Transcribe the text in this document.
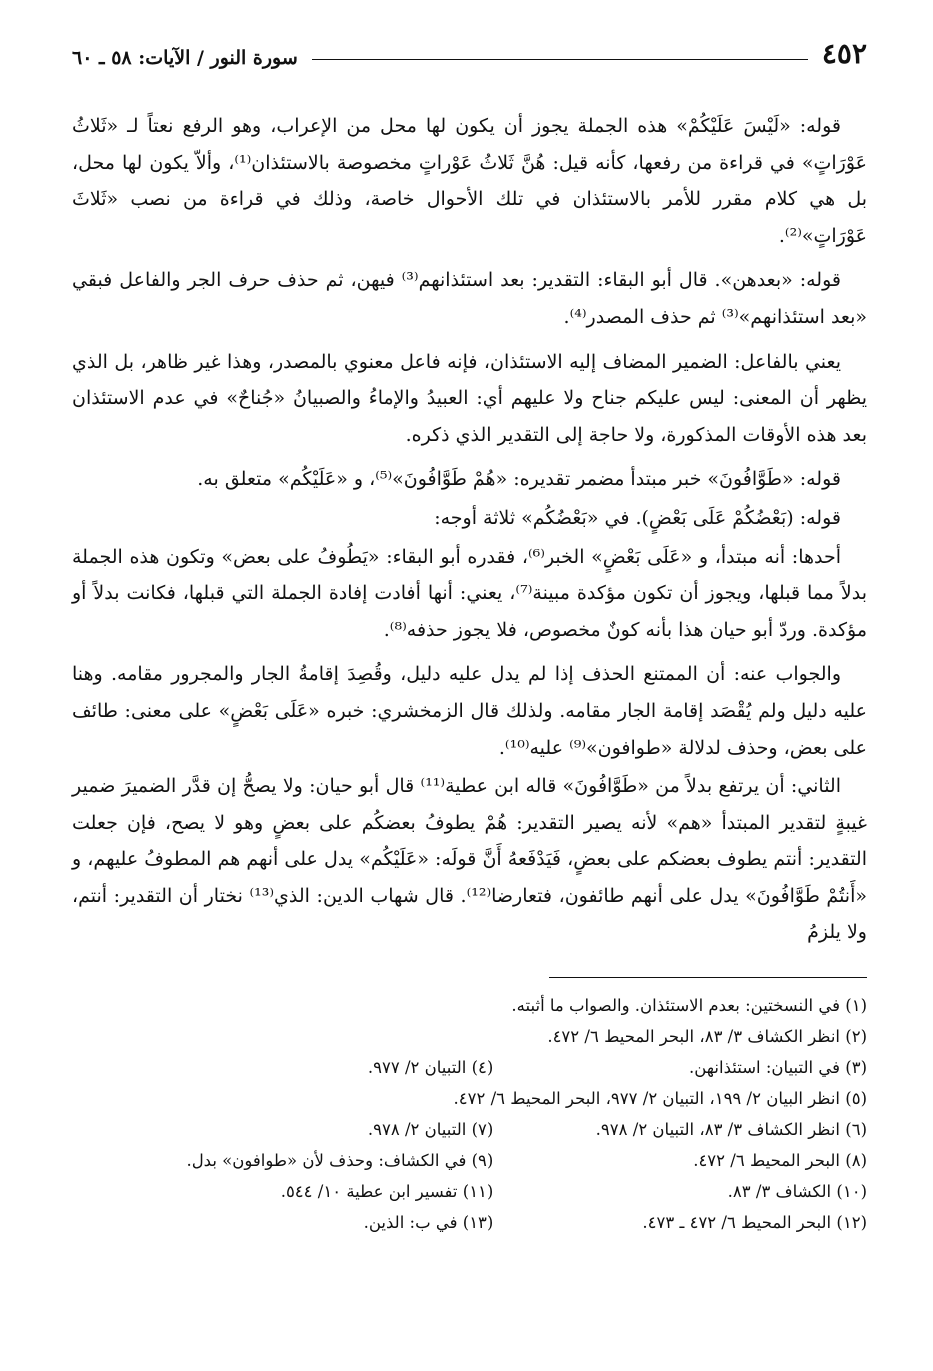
٤٥٢
سورة النور / الآيات: ٥٨ ـ ٦٠

قوله: «لَيْسَ عَلَيْكُمْ» هذه الجملة يجوز أن يكون لها محل من الإعراب، وهو الرفع نعتاً لـ «ثَلاثُ عَوْرَاتٍ» في قراءة من رفعها، كأنه قيل: هُنَّ ثَلاثُ عَوْراتٍ مخصوصة بالاستئذان⁽¹⁾، وألاّ يكون لها محل، بل هي كلام مقرر للأمر بالاستئذان في تلك الأحوال خاصة، وذلك في قراءة من نصب «ثَلاثَ عَوْرَاتٍ»⁽²⁾.

قوله: «بعدهن». قال أبو البقاء: التقدير: بعد استئذانهم⁽³⁾ فيهن، ثم حذف حرف الجر والفاعل فبقي «بعد استئذانهم»⁽³⁾ ثم حذف المصدر⁽⁴⁾.

يعني بالفاعل: الضمير المضاف إليه الاستئذان، فإنه فاعل معنوي بالمصدر، وهذا غير ظاهر، بل الذي يظهر أن المعنى: ليس عليكم جناح ولا عليهم أي: العبيدُ والإماءُ والصبيانُ «جُناحٌ» في عدم الاستئذان بعد هذه الأوقات المذكورة، ولا حاجة إلى التقدير الذي ذكره.

قوله: «طَوَّافُونَ» خبر مبتدأ مضمر تقديره: «هُمْ طَوَّافُونَ»⁽⁵⁾، و «عَلَيْكُم» متعلق به.

قوله: (بَعْضُكُمْ عَلَى بَعْضٍ). في «بَعْضُكُم» ثلاثة أوجه:

أحدها: أنه مبتدأ، و «عَلَى بَعْضٍ» الخبر⁽⁶⁾، فقدره أبو البقاء: «يَطُوفُ على بعض» وتكون هذه الجملة بدلاً مما قبلها، ويجوز أن تكون مؤكدة مبينة⁽⁷⁾، يعني: أنها أفادت إفادة الجملة التي قبلها، فكانت بدلاً أو مؤكدة. وردّ أبو حيان هذا بأنه كونٌ مخصوص، فلا يجوز حذفه⁽⁸⁾.

والجواب عنه: أن الممتنع الحذف إذا لم يدل عليه دليل، وقُصِدَ إقامةُ الجار والمجرور مقامه. وهنا عليه دليل ولم يُقْصَد إقامة الجار مقامه. ولذلك قال الزمخشري: خبره «عَلَى بَعْضٍ» على معنى: طائف على بعض، وحذف لدلالة «طوافون»⁽⁹⁾ عليه⁽¹⁰⁾.

الثاني: أن يرتفع بدلاً من «طَوَّافُونَ» قاله ابن عطية⁽¹¹⁾ قال أبو حيان: ولا يصحُّ إن قدَّر الضميرَ ضمير غيبةٍ لتقدير المبتدأ «هم» لأنه يصير التقدير: هُمْ يطوفُ بعضكُم على بعضٍ وهو لا يصح، فإن جعلت التقدير: أنتم يطوف بعضكم على بعضٍ، فَيَدْفَعهُ أَنَّ قولَه: «عَلَيْكُم» يدل على أنهم هم المطوفُ عليهم، و «أَنتُمْ طَوَّافُونَ» يدل على أنهم طائفون، فتعارضا⁽¹²⁾. قال شهاب الدين: الذي⁽¹³⁾ نختار أن التقدير: أنتم، ولا يلزمُ

(١) في النسختين: بعدم الاستئذان. والصواب ما أثبته.
(٢) انظر الكشاف ٣/ ٨٣، البحر المحيط ٦/ ٤٧٢.
(٣) في التبيان: استئذانهن.
(٤) التبيان ٢/ ٩٧٧.
(٥) انظر البيان ٢/ ١٩٩، التبيان ٢/ ٩٧٧، البحر المحيط ٦/ ٤٧٢.
(٦) انظر الكشاف ٣/ ٨٣، التبيان ٢/ ٩٧٨.
(٧) التبيان ٢/ ٩٧٨.
(٨) البحر المحيط ٦/ ٤٧٢.
(٩) في الكشاف: وحذف لأن «طوافون» بدل.
(١٠) الكشاف ٣/ ٨٣.
(١١) تفسير ابن عطية ١٠/ ٥٤٤.
(١٢) البحر المحيط ٦/ ٤٧٢ ـ ٤٧٣.
(١٣) في ب: الذين.
